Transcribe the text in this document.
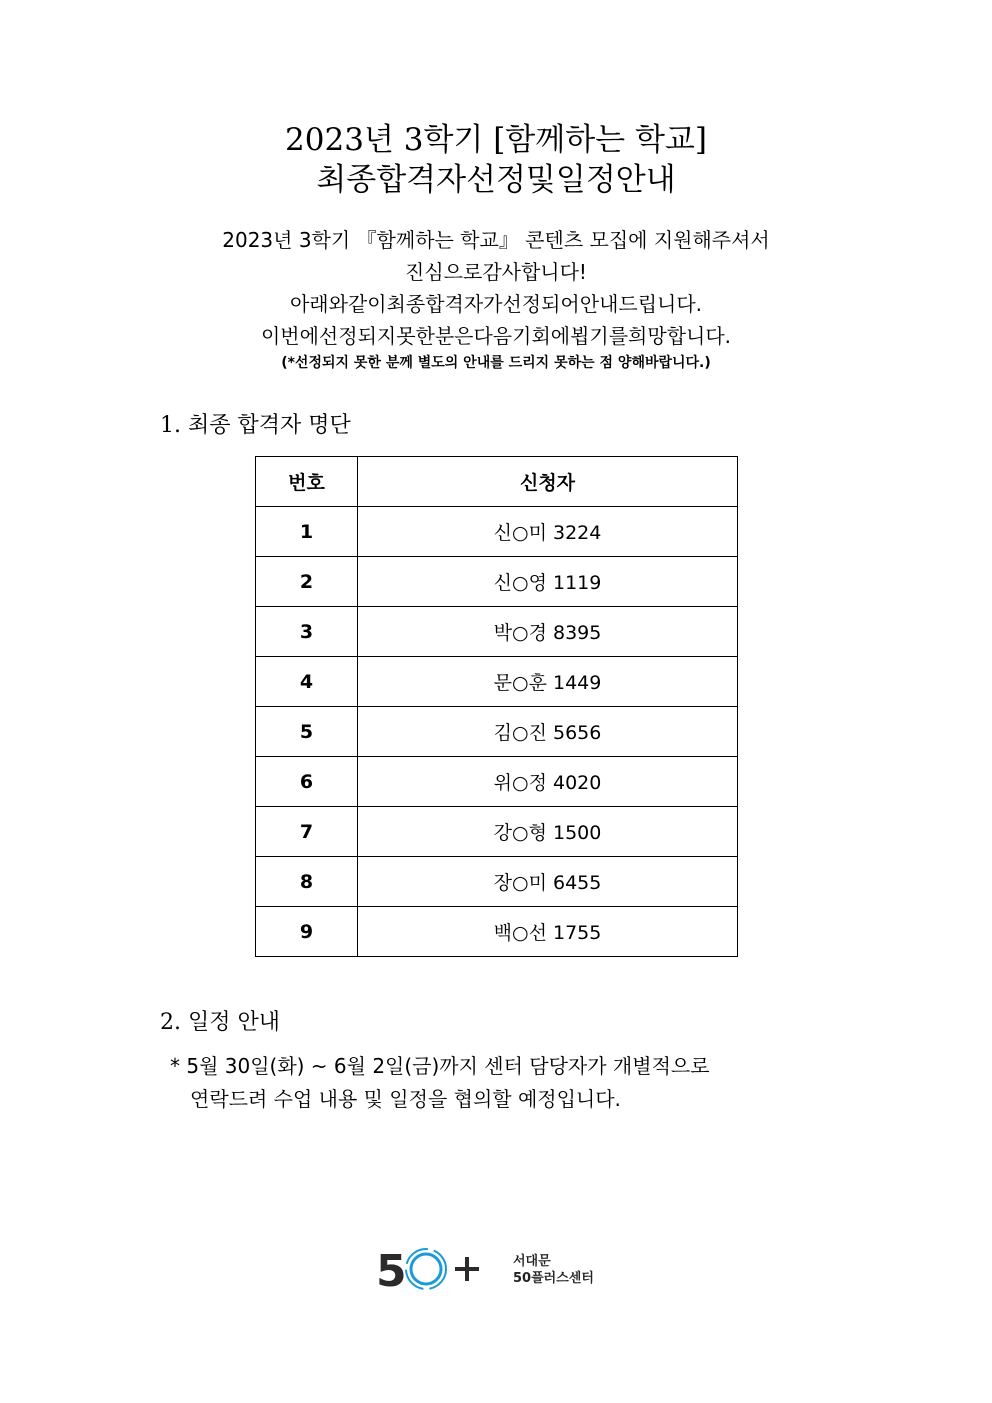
2023년 3학기 [함께하는 학교]
최종합격자선정및일정안내
2023년 3학기 『함께하는 학교』 콘텐츠 모집에 지원해주셔서
진심으로감사합니다!
아래와같이최종합격자가선정되어안내드립니다.
이번에선정되지못한분은다음기회에뵙기를희망합니다.
(*선정되지 못한 분께 별도의 안내를 드리지 못하는 점 양해바랍니다.)
1. 최종 합격자 명단
번호	신청자
1	신○미 3224
2	신○영 1119
3	박○경 8395
4	문○훈 1449
5	김○진 5656
6	위○정 4020
7	강○형 1500
8	장○미 6455
9	백○선 1755
2. 일정 안내
* 5월 30일(화) ~ 6월 2일(금)까지 센터 담당자가 개별적으로
연락드려 수업 내용 및 일정을 협의할 예정입니다.
5	서대문
50플러스센터
